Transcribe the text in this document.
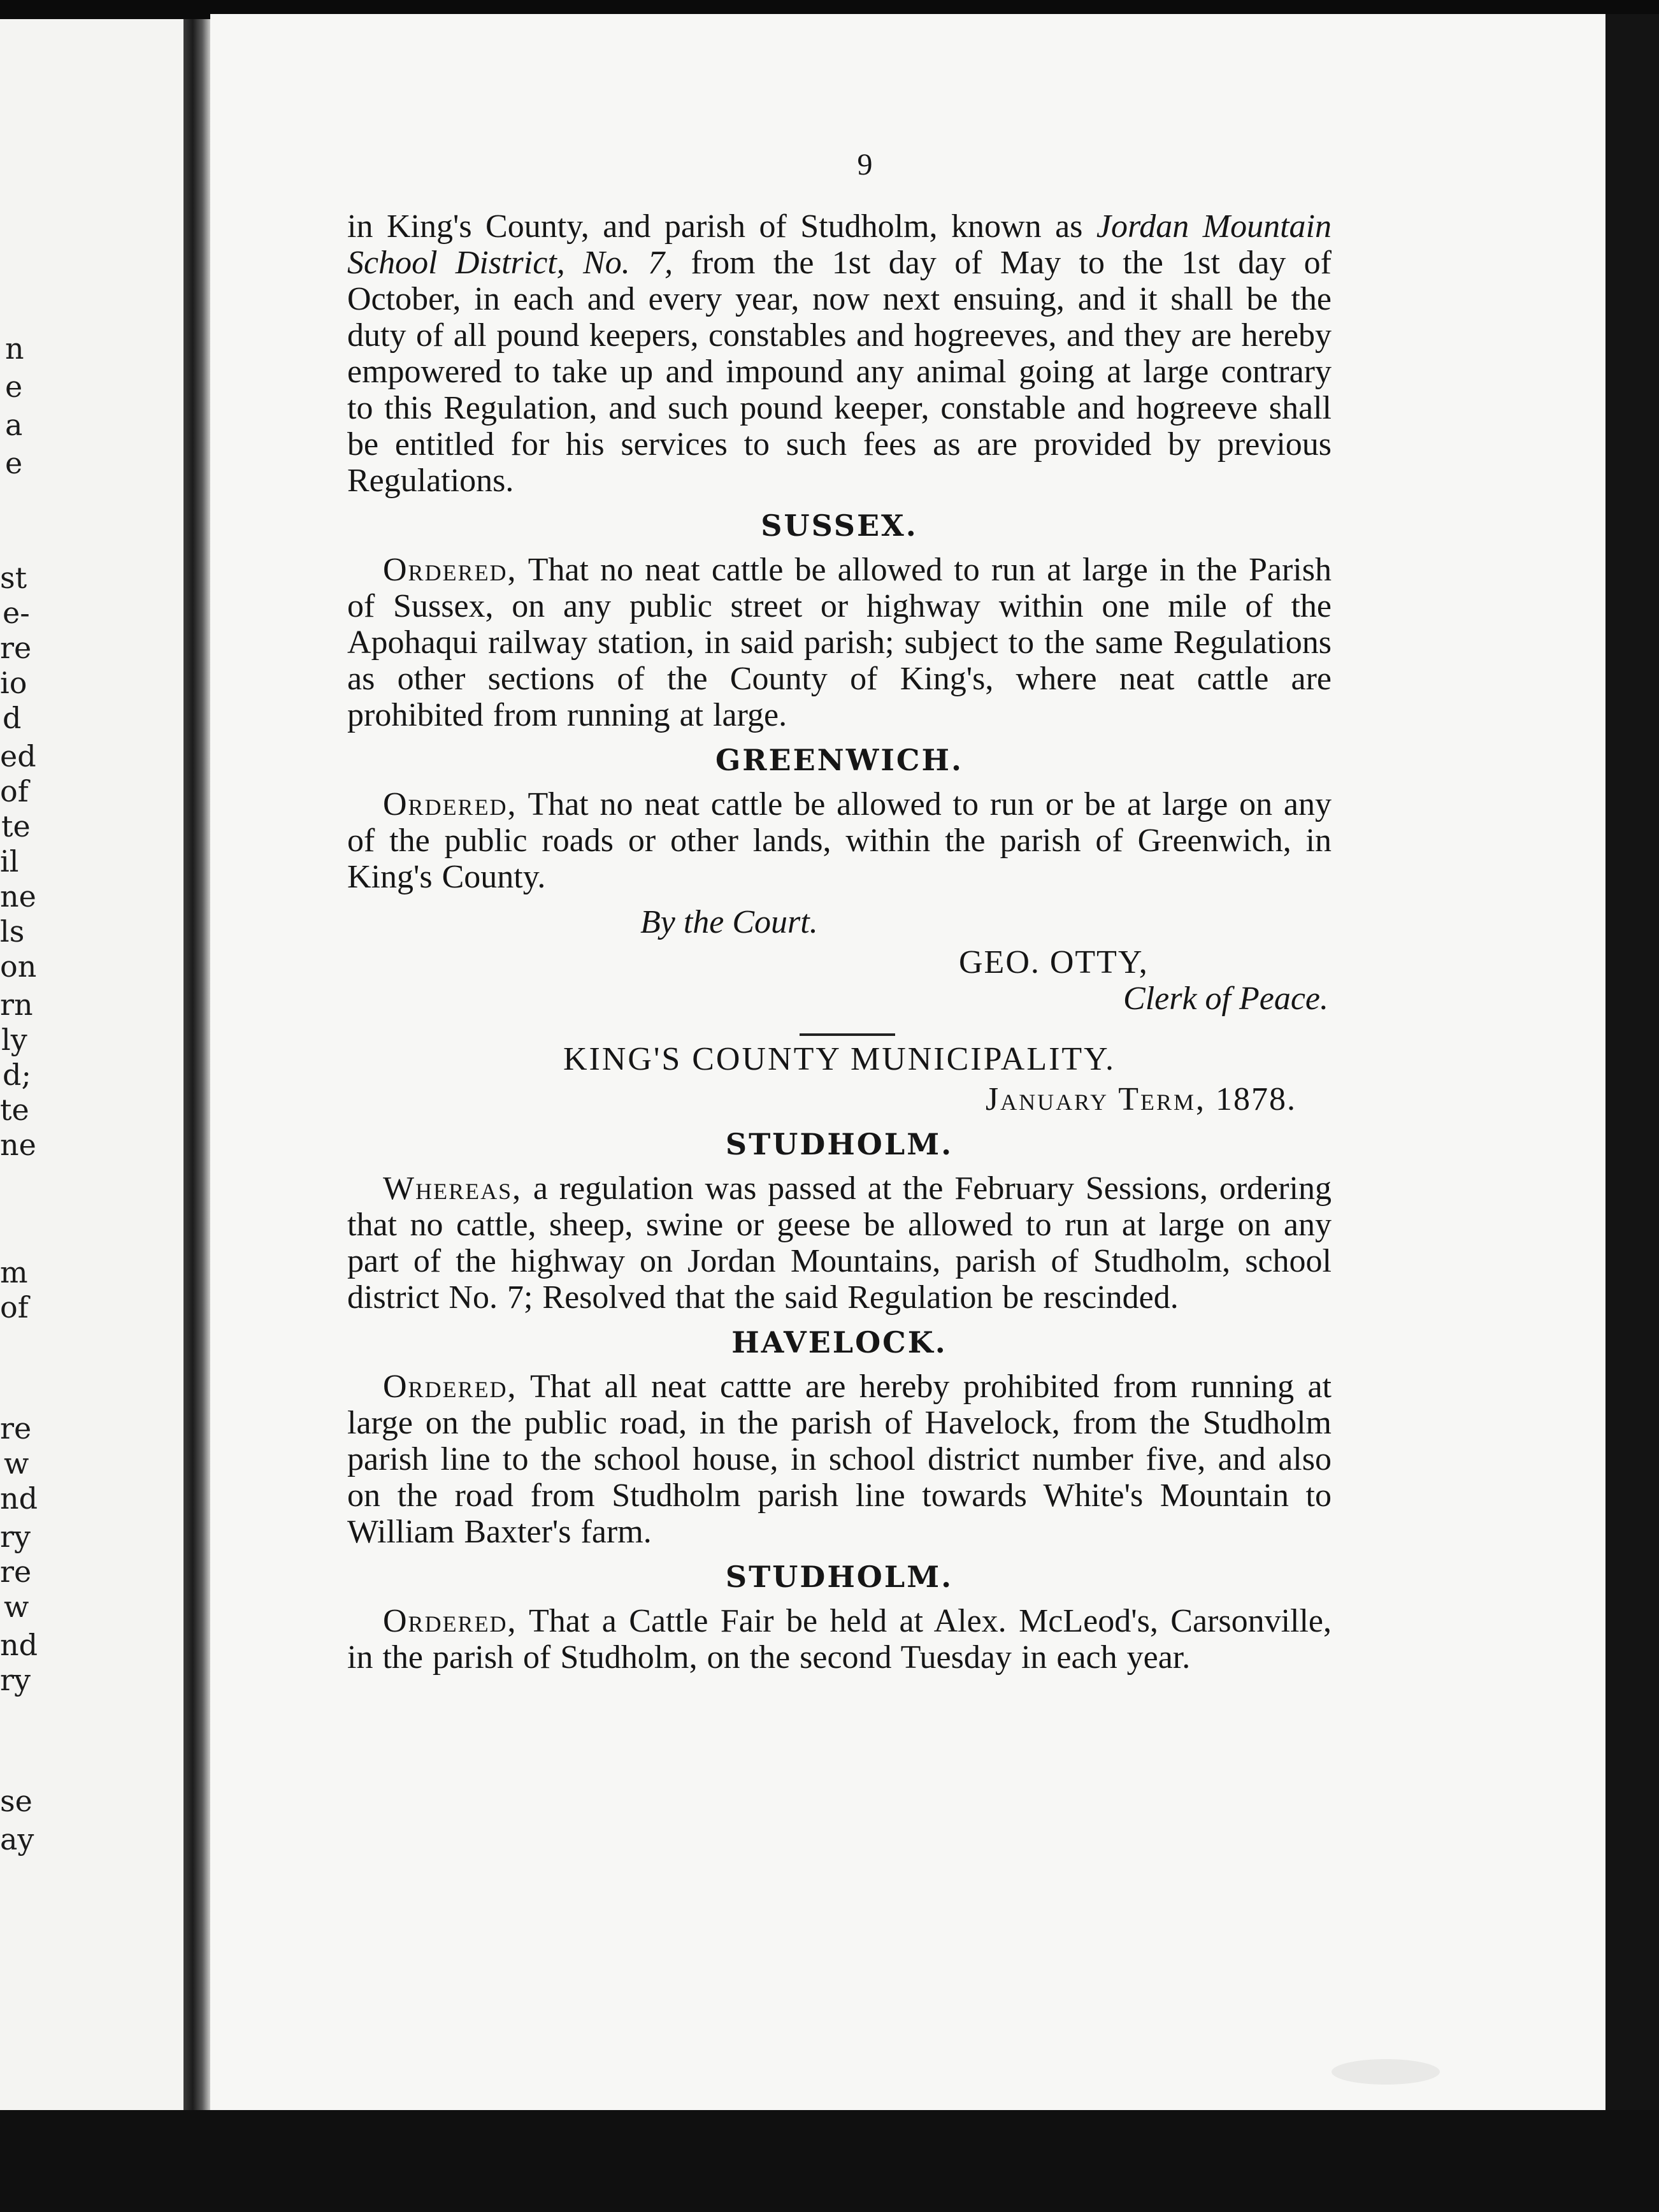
n
e
a
e
st
e-
re
io
d
ed
of
te
il
ne
ls
on
rn
ly
d;
te
ne
m
of
re
w
nd
ry
re
w
nd
ry
se
ay
9

in King's County, and parish of Studholm, known as Jordan Mountain School District, No. 7, from the 1st day of May to the 1st day of October, in each and every year, now next ensuing, and it shall be the duty of all pound keepers, constables and hogreeves, and they are hereby empowered to take up and impound any animal going at large contrary to this Regulation, and such pound keeper, constable and hogreeve shall be entitled for his services to such fees as are provided by previous Regulations.

SUSSEX.

Ordered, That no neat cattle be allowed to run at large in the Parish of Sussex, on any public street or highway within one mile of the Apohaqui railway station, in said parish; subject to the same Regulations as other sections of the County of King's, where neat cattle are prohibited from running at large.

GREENWICH.

Ordered, That no neat cattle be allowed to run or be at large on any of the public roads or other lands, within the parish of Greenwich, in King's County.

By the Court.
GEO. OTTY,
Clerk of Peace.
KING'S COUNTY MUNICIPALITY.
January Term, 1878.
STUDHOLM.

Whereas, a regulation was passed at the February Sessions, ordering that no cattle, sheep, swine or geese be allowed to run at large on any part of the highway on Jordan Mountains, parish of Studholm, school district No. 7; Resolved that the said Regulation be rescinded.

HAVELOCK.

Ordered, That all neat cattte are hereby prohibited from running at large on the public road, in the parish of Havelock, from the Studholm parish line to the school house, in school district number five, and also on the road from Studholm parish line towards White's Mountain to William Baxter's farm.

STUDHOLM.

Ordered, That a Cattle Fair be held at Alex. McLeod's, Carsonville, in the parish of Studholm, on the second Tuesday in each year.
